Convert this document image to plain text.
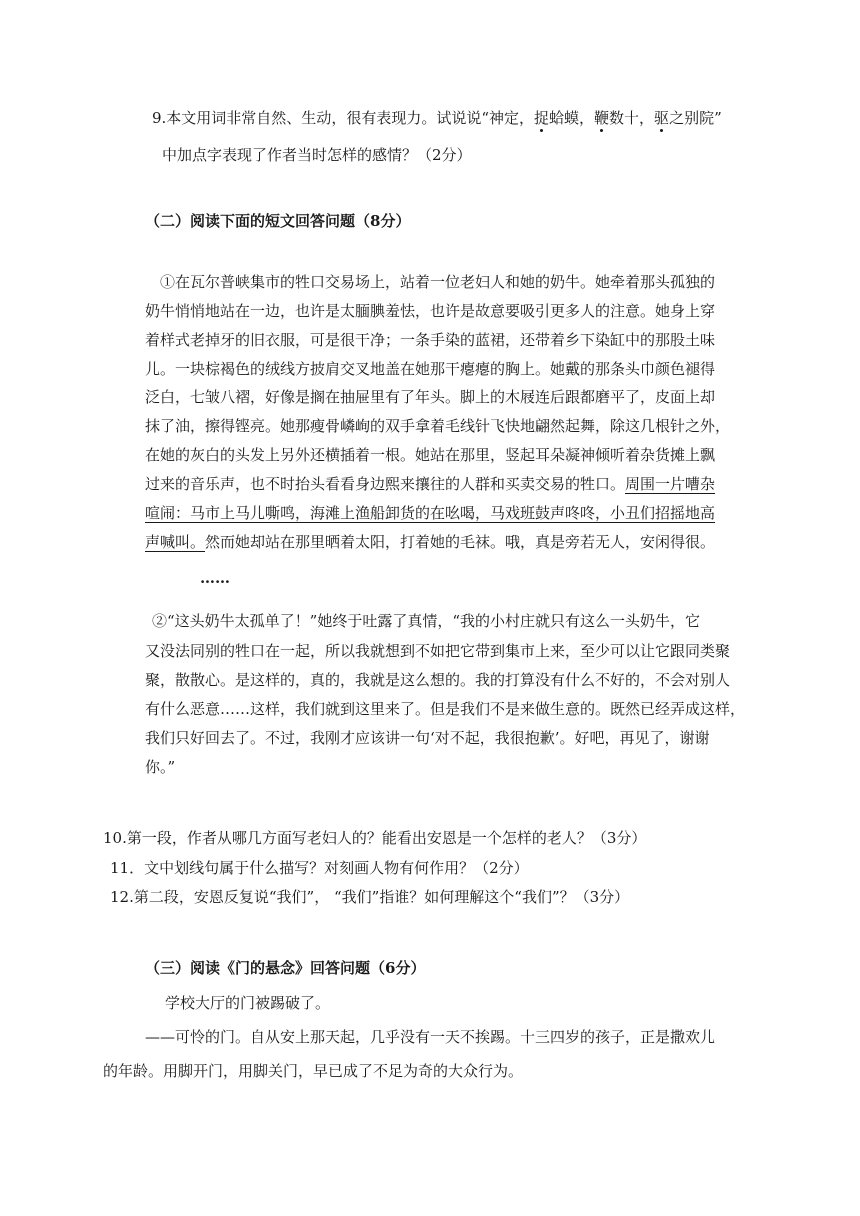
9.本文用词非常自然、生动，很有表现力。试说说“神定，捉蛤蟆，鞭数十，驱之别院”
中加点字表现了作者当时怎样的感情？（2分）
（二）阅读下面的短文回答问题（8分）
①在瓦尔普峡集市的牲口交易场上，站着一位老妇人和她的奶牛。她牵着那头孤独的
奶牛悄悄地站在一边，也许是太腼腆羞怯，也许是故意要吸引更多人的注意。她身上穿
着样式老掉牙的旧衣服，可是很干净；一条手染的蓝裙，还带着乡下染缸中的那股土味
儿。一块棕褐色的绒线方披肩交叉地盖在她那干瘪瘪的胸上。她戴的那条头巾颜色褪得
泛白，七皱八褶，好像是搁在抽屉里有了年头。脚上的木屐连后跟都磨平了，皮面上却
抹了油，擦得铿亮。她那瘦骨嶙峋的双手拿着毛线针飞快地翩然起舞，除这几根针之外，
在她的灰白的头发上另外还横插着一根。她站在那里，竖起耳朵凝神倾听着杂货摊上飘
过来的音乐声，也不时抬头看看身边熙来攘往的人群和买卖交易的牲口。周围一片嘈杂
喧闹：马市上马儿嘶鸣，海滩上渔船卸货的在吆喝，马戏班鼓声咚咚，小丑们招摇地高
声喊叫。然而她却站在那里晒着太阳，打着她的毛袜。哦，真是旁若无人，安闲得很。
……
②“这头奶牛太孤单了！”她终于吐露了真情，“我的小村庄就只有这么一头奶牛，它
又没法同别的牲口在一起，所以我就想到不如把它带到集市上来，至少可以让它跟同类聚
聚，散散心。是这样的，真的，我就是这么想的。我的打算没有什么不好的，不会对别人
有什么恶意……这样，我们就到这里来了。但是我们不是来做生意的。既然已经弄成这样，
我们只好回去了。不过，我刚才应该讲一句‘对不起，我很抱歉’。好吧，再见了，谢谢
你。”
10.第一段，作者从哪几方面写老妇人的？能看出安恩是一个怎样的老人？（3分）
11．文中划线句属于什么描写？对刻画人物有何作用？（2分）
12.第二段，安恩反复说“我们”， “我们”指谁？如何理解这个“我们”？（3分）
（三）阅读《门的悬念》回答问题（6分）
学校大厅的门被踢破了。
——可怜的门。自从安上那天起，几乎没有一天不挨踢。十三四岁的孩子，正是撒欢儿
的年龄。用脚开门，用脚关门，早已成了不足为奇的大众行为。
